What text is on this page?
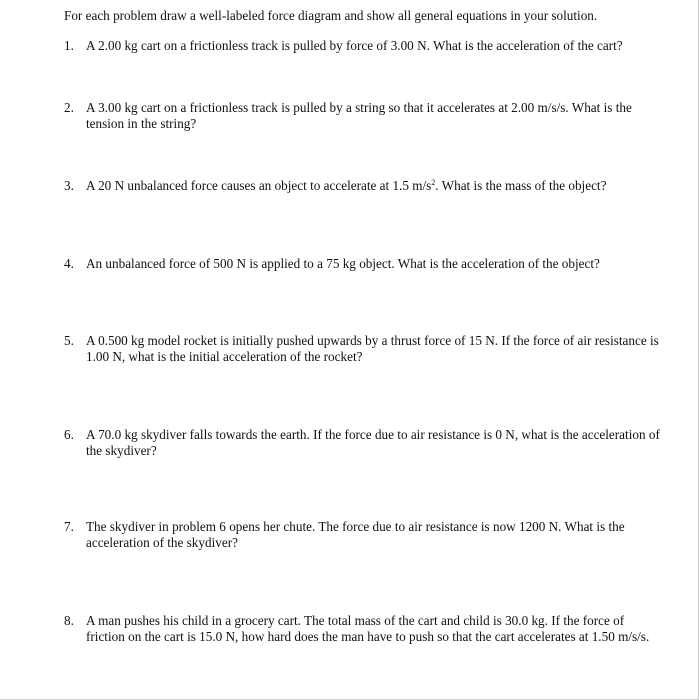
For each problem draw a well-labeled force diagram and show all general equations in your solution.
1. A 2.00 kg cart on a frictionless track is pulled by force of 3.00 N. What is the acceleration of the cart?
2. A 3.00 kg cart on a frictionless track is pulled by a string so that it accelerates at 2.00 m/s/s. What is the tension in the string?
3. A 20 N unbalanced force causes an object to accelerate at 1.5 $m/s^2$. What is the mass of the object?
4. An unbalanced force of 500 N is applied to a 75 kg object. What is the acceleration of the object?
5. A 0.500 kg model rocket is initially pushed upwards by a thrust force of 15 N. If the force of air resistance is 1.00 N, what is the initial acceleration of the rocket?
6. A 70.0 kg skydiver falls towards the earth. If the force due to air resistance is 0 N, what is the acceleration of the skydiver?
7. The skydiver in problem 6 opens her chute. The force due to air resistance is now 1200 N. What is the acceleration of the skydiver?
8. A man pushes his child in a grocery cart. The total mass of the cart and child is 30.0 kg. If the force of friction on the cart is 15.0 N, how hard does the man have to push so that the cart accelerates at 1.50 m/s/s.
